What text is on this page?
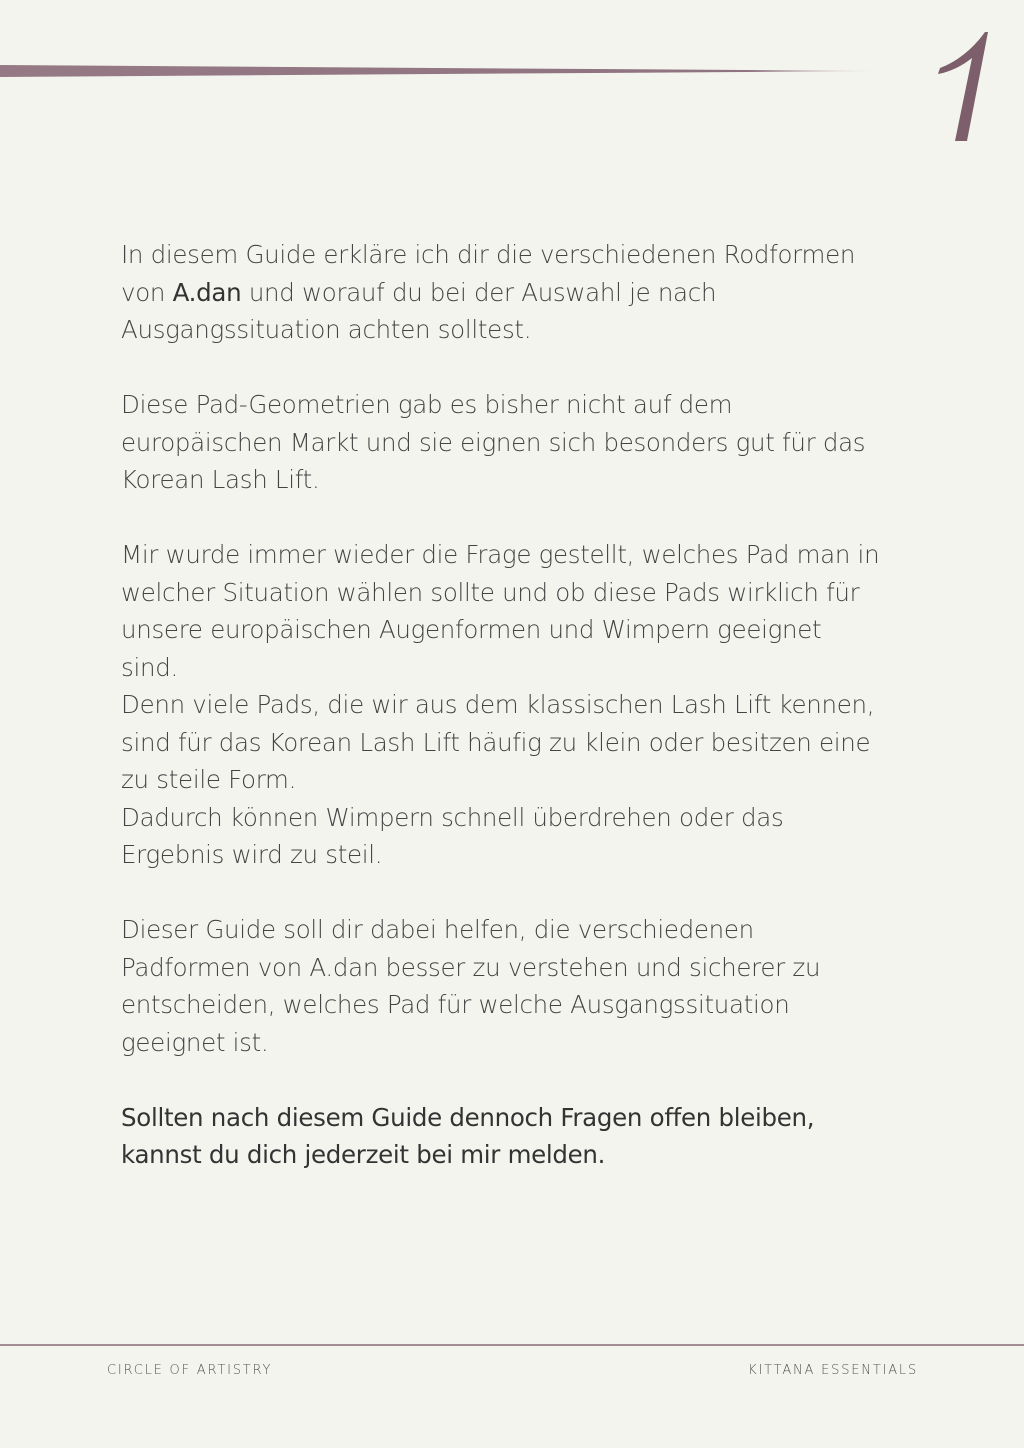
In diesem Guide erkläre ich dir die verschiedenen Rodformen
von A.dan und worauf du bei der Auswahl je nach
Ausgangssituation achten solltest.

Diese Pad-Geometrien gab es bisher nicht auf dem
europäischen Markt und sie eignen sich besonders gut für das
Korean Lash Lift.

Mir wurde immer wieder die Frage gestellt, welches Pad man in
welcher Situation wählen sollte und ob diese Pads wirklich für
unsere europäischen Augenformen und Wimpern geeignet
sind.
Denn viele Pads, die wir aus dem klassischen Lash Lift kennen,
sind für das Korean Lash Lift häufig zu klein oder besitzen eine
zu steile Form.
Dadurch können Wimpern schnell überdrehen oder das
Ergebnis wird zu steil.

Dieser Guide soll dir dabei helfen, die verschiedenen
Padformen von A.dan besser zu verstehen und sicherer zu
entscheiden, welches Pad für welche Ausgangssituation
geeignet ist.

Sollten nach diesem Guide dennoch Fragen offen bleiben,
kannst du dich jederzeit bei mir melden.

CIRCLE OF ARTISTRY	KITTANA ESSENTIALS
